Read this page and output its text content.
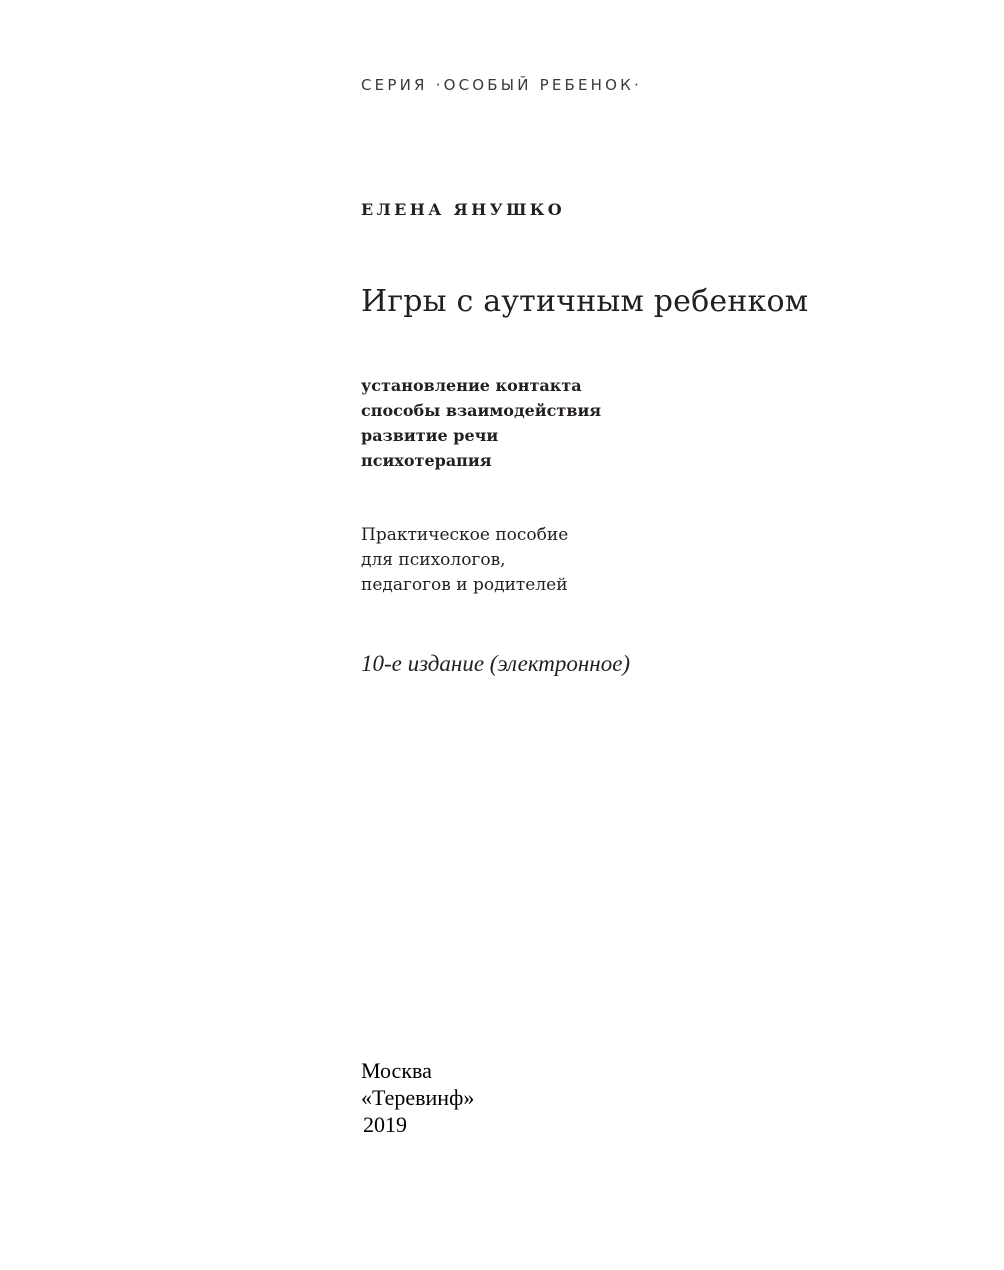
СЕРИЯ ·ОСОБЫЙ РЕБЕНОК·
ЕЛЕНА ЯНУШКО
Игры с аутичным ребенком
установление контакта
способы взаимодействия
развитие речи
психотерапия
Практическое пособие
для психологов,
педагогов и родителей
10-е издание (электронное)
Москва
«Теревинф»
2019
